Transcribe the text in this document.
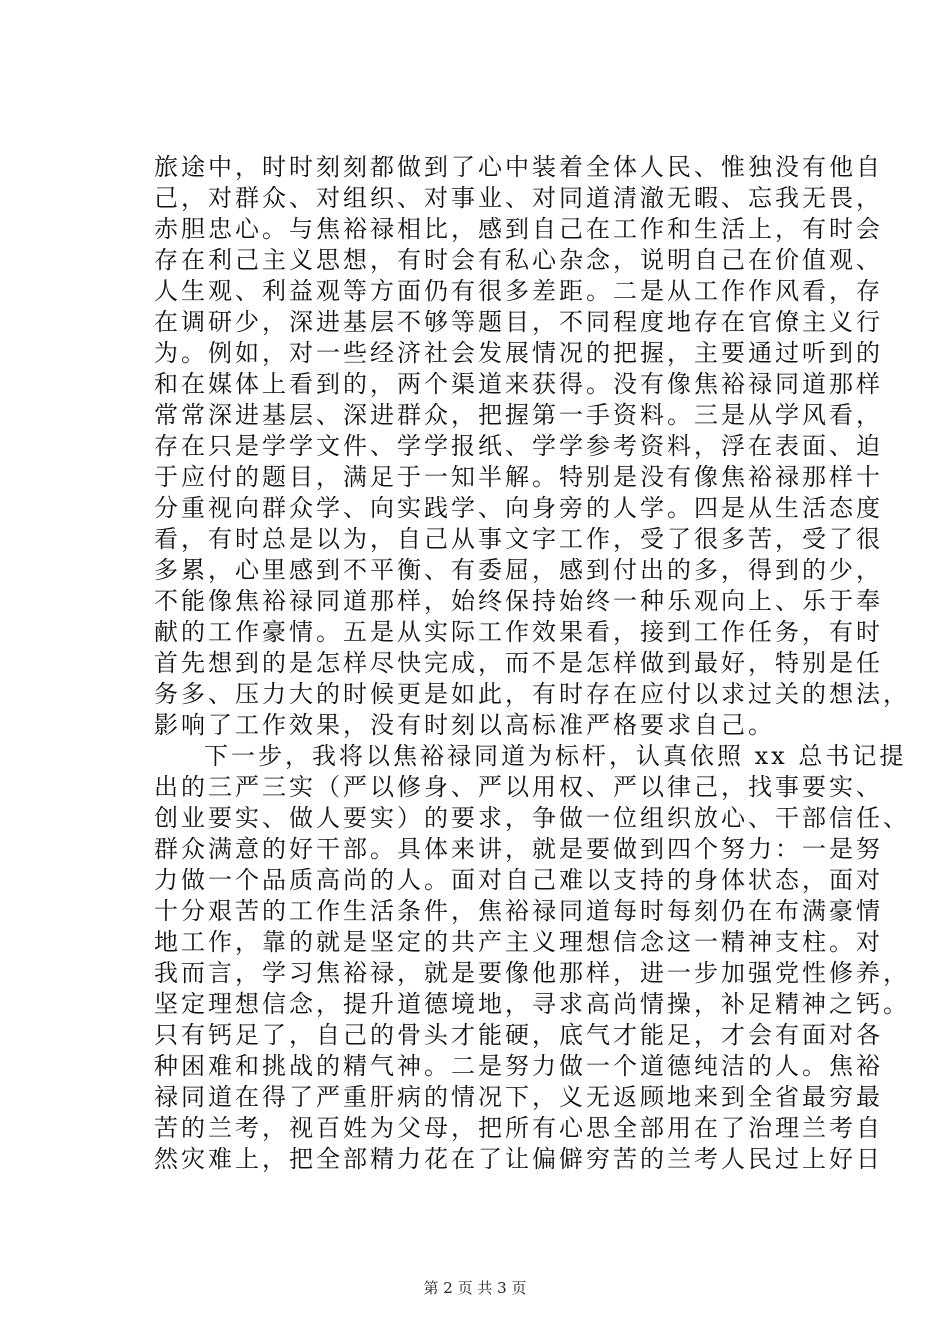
旅途中，时时刻刻都做到了心中装着全体人民、惟独没有他自
己，对群众、对组织、对事业、对同道清澈无暇、忘我无畏，
赤胆忠心。与焦裕禄相比，感到自己在工作和生活上，有时会
存在利己主义思想，有时会有私心杂念，说明自己在价值观、
人生观、利益观等方面仍有很多差距。二是从工作作风看，存
在调研少，深进基层不够等题目，不同程度地存在官僚主义行
为。例如，对一些经济社会发展情况的把握，主要通过听到的
和在媒体上看到的，两个渠道来获得。没有像焦裕禄同道那样
常常深进基层、深进群众，把握第一手资料。三是从学风看，
存在只是学学文件、学学报纸、学学参考资料，浮在表面、迫
于应付的题目，满足于一知半解。特别是没有像焦裕禄那样十
分重视向群众学、向实践学、向身旁的人学。四是从生活态度
看，有时总是以为，自己从事文字工作，受了很多苦，受了很
多累，心里感到不平衡、有委屈，感到付出的多，得到的少，
不能像焦裕禄同道那样，始终保持始终一种乐观向上、乐于奉
献的工作豪情。五是从实际工作效果看，接到工作任务，有时
首先想到的是怎样尽快完成，而不是怎样做到最好，特别是任
务多、压力大的时候更是如此，有时存在应付以求过关的想法，
影响了工作效果，没有时刻以高标准严格要求自己。
下一步，我将以焦裕禄同道为标杆，认真依照 xx 总书记提
出的三严三实（严以修身、严以用权、严以律己，找事要实、
创业要实、做人要实）的要求，争做一位组织放心、干部信任、
群众满意的好干部。具体来讲，就是要做到四个努力：一是努
力做一个品质高尚的人。面对自己难以支持的身体状态，面对
十分艰苦的工作生活条件，焦裕禄同道每时每刻仍在布满豪情
地工作，靠的就是坚定的共产主义理想信念这一精神支柱。对
我而言，学习焦裕禄，就是要像他那样，进一步加强党性修养，
坚定理想信念，提升道德境地，寻求高尚情操，补足精神之钙。
只有钙足了，自己的骨头才能硬，底气才能足，才会有面对各
种困难和挑战的精气神。二是努力做一个道德纯洁的人。焦裕
禄同道在得了严重肝病的情况下，义无返顾地来到全省最穷最
苦的兰考，视百姓为父母，把所有心思全部用在了治理兰考自
然灾难上，把全部精力花在了让偏僻穷苦的兰考人民过上好日
第 2 页 共 3 页
